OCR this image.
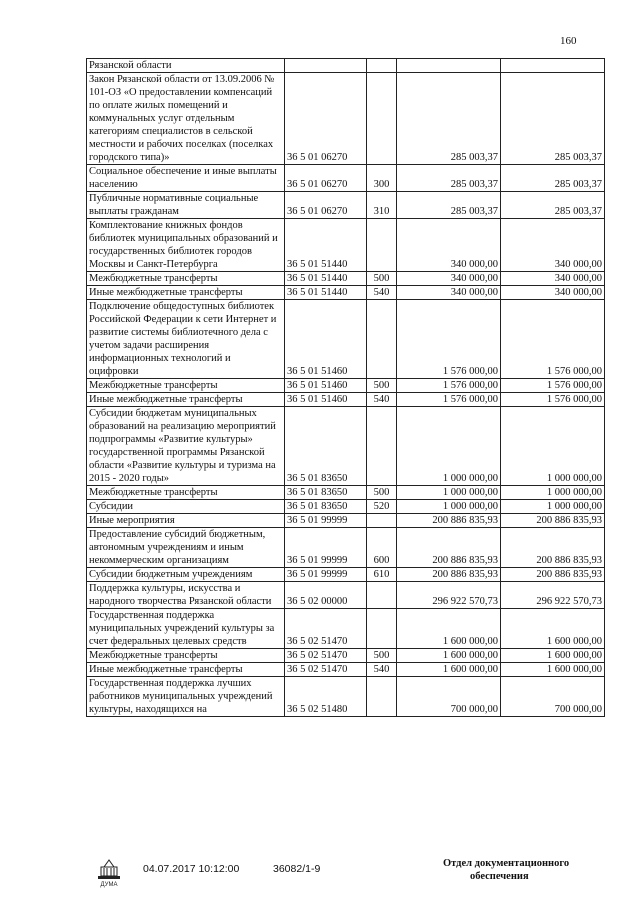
160
Рязанской области				
Закон Рязанской области от 13.09.2006 № 101-ОЗ «О предоставлении компенсаций по оплате жилых помещений и коммунальных услуг отдельным категориям специалистов в сельской местности и рабочих поселках (поселках городского типа)»	36 5 01 06270		285 003,37	285 003,37
Социальное обеспечение и иные выплаты населению	36 5 01 06270	300	285 003,37	285 003,37
Публичные нормативные социальные выплаты гражданам	36 5 01 06270	310	285 003,37	285 003,37
Комплектование книжных фондов библиотек муниципальных образований и государственных библиотек городов Москвы и Санкт-Петербурга	36 5 01 51440		340 000,00	340 000,00
Межбюджетные трансферты	36 5 01 51440	500	340 000,00	340 000,00
Иные межбюджетные трансферты	36 5 01 51440	540	340 000,00	340 000,00
Подключение общедоступных библиотек Российской Федерации к сети Интернет и развитие системы библиотечного дела с учетом задачи расширения информационных технологий и оцифровки	36 5 01 51460		1 576 000,00	1 576 000,00
Межбюджетные трансферты	36 5 01 51460	500	1 576 000,00	1 576 000,00
Иные межбюджетные трансферты	36 5 01 51460	540	1 576 000,00	1 576 000,00
Субсидии бюджетам муниципальных образований на реализацию мероприятий подпрограммы «Развитие культуры» государственной программы Рязанской области «Развитие культуры и туризма на 2015 - 2020 годы»	36 5 01 83650		1 000 000,00	1 000 000,00
Межбюджетные трансферты	36 5 01 83650	500	1 000 000,00	1 000 000,00
Субсидии	36 5 01 83650	520	1 000 000,00	1 000 000,00
Иные мероприятия	36 5 01 99999		200 886 835,93	200 886 835,93
Предоставление субсидий бюджетным, автономным учреждениям и иным некоммерческим организациям	36 5 01 99999	600	200 886 835,93	200 886 835,93
Субсидии бюджетным учреждениям	36 5 01 99999	610	200 886 835,93	200 886 835,93
Поддержка культуры, искусства и народного творчества Рязанской области	36 5 02 00000		296 922 570,73	296 922 570,73
Государственная поддержка муниципальных учреждений культуры за счет федеральных целевых средств	36 5 02 51470		1 600 000,00	1 600 000,00
Межбюджетные трансферты	36 5 02 51470	500	1 600 000,00	1 600 000,00
Иные межбюджетные трансферты	36 5 02 51470	540	1 600 000,00	1 600 000,00
Государственная поддержка лучших работников муниципальных учреждений культуры, находящихся на	36 5 02 51480		700 000,00	700 000,00
ДУМА
04.07.2017 10:12:00	36082/1-9	Отдел документационного
обеспечения
